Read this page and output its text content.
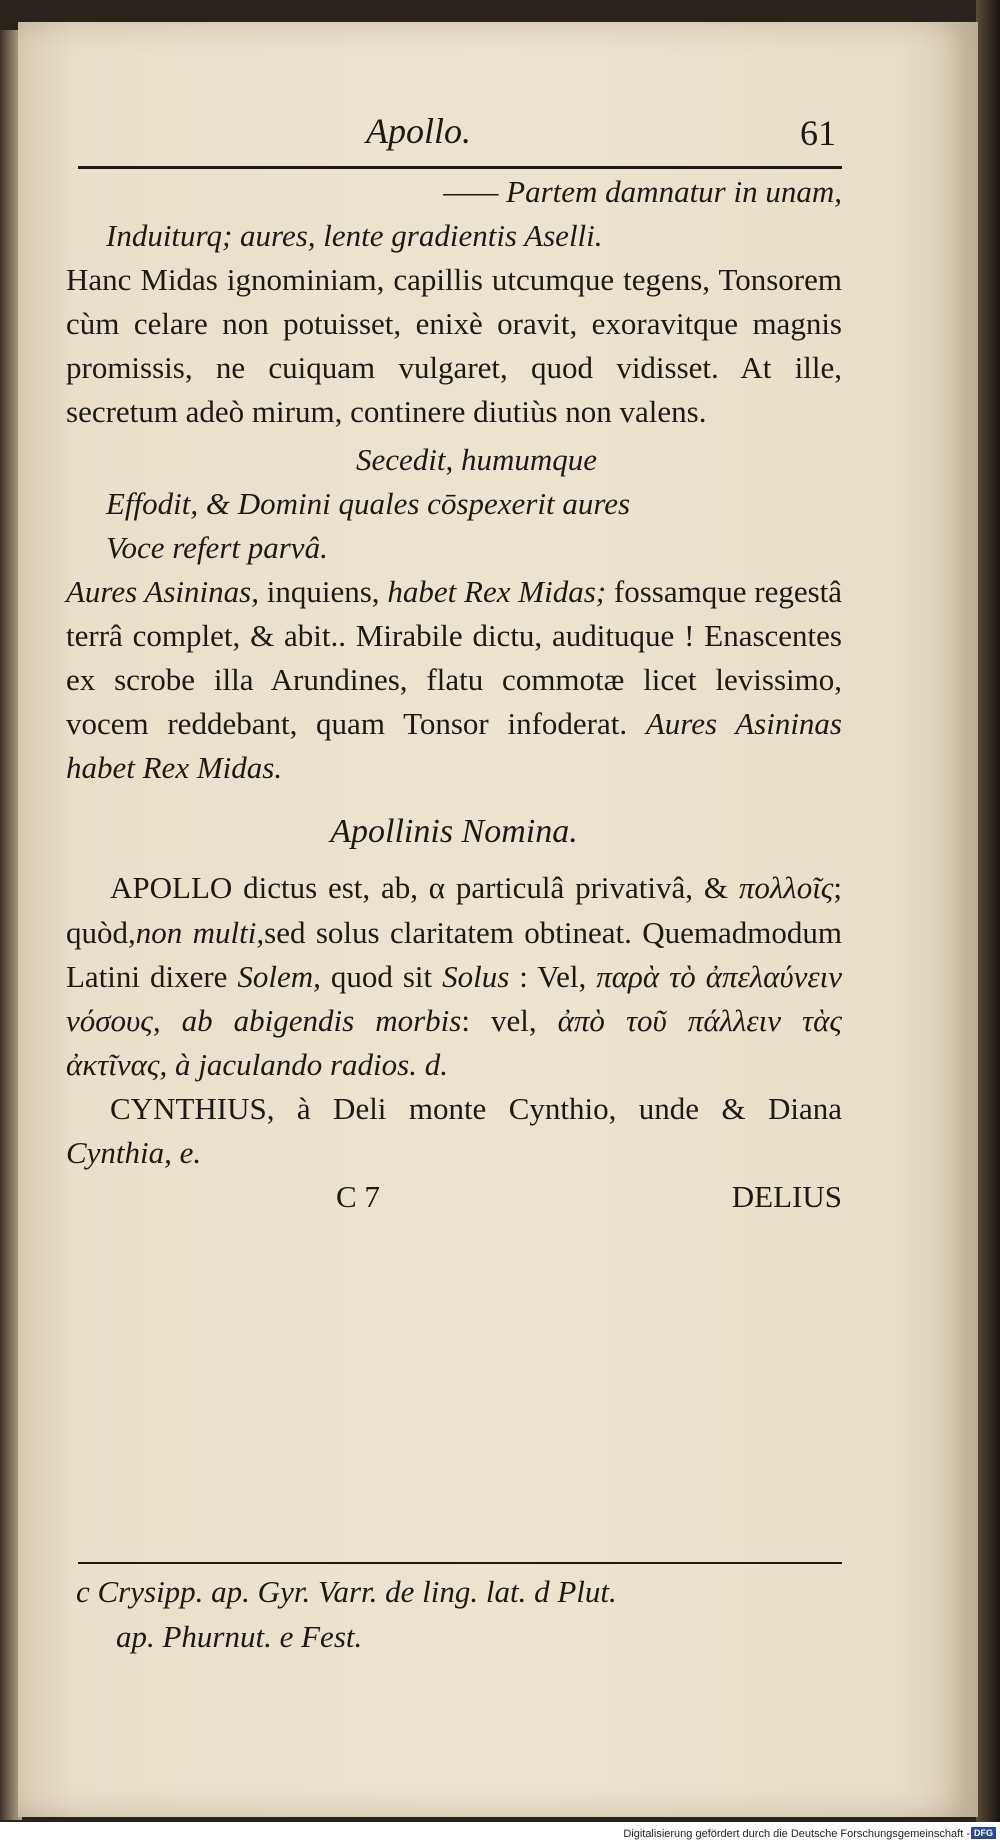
Apollo.	61
—— Partem damnatur in unam,
Induiturq; aures, lente gradientis Aselli.

Hanc Midas ignominiam, capillis utcumque tegens, Tonsorem cùm celare non potuisset, enixè oravit, exoravitque magnis promissis, ne cuiquam vulgaret, quod vidisset. At ille, secretum adeò mirum, continere diutiùs non valens.

Secedit, humumque
Effodit, & Domini quales cōspexerit aures
Voce refert parvâ.

Aures Asininas, inquiens, habet Rex Midas; fossamque regestâ terrâ complet, & abit.. Mirabile dictu, audituque ! Enascentes ex scrobe illa Arundines, flatu commotæ licet levissimo, vocem reddebant, quam Tonsor infoderat. Aures Asininas habet Rex Midas.

Apollinis Nomina.

APOLLO dictus est, ab, α particulâ privativâ, & πολλοῖς; quòd,non multi,sed solus claritatem obtineat. Quemadmodum Latini dixere Solem, quod sit Solus : Vel, παρὰ τὸ ἀπελαύνειν νόσους, ab abigendis morbis: vel, ἀπὸ τοῦ πάλλειν τὰς ἀκτῖνας, à jaculando radios. d.

CYNTHIUS, à Deli monte Cynthio, unde & Diana Cynthia, e.

C 7	DELIUS
c Crysipp. ap. Gyr. Varr. de ling. lat. d Plut.
ap. Phurnut. e Fest.
Digitalisierung gefördert durch die Deutsche Forschungsgemeinschaft - DFG
